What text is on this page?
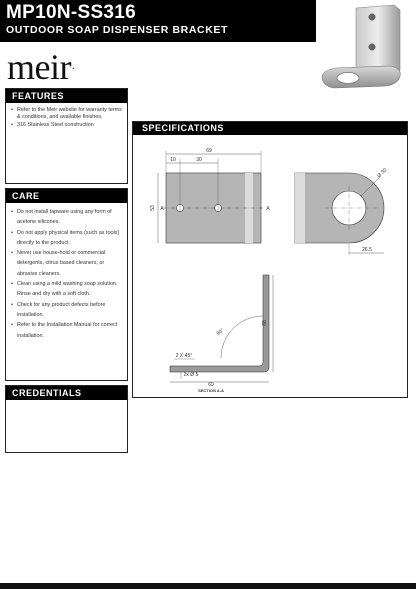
MP10N-SS316
OUTDOOR SOAP DISPENSER BRACKET
meir.
FEATURES
• Refer to the Meir website for warranty terms & conditions, and available finishes.
• 316 Stainless Steel construction
CARE
• Do not install tapware using any form of acetone silicones.
• Do not apply physical items (such as tools) directly to the product.
• Never use house-hold or commercial detergents, citrus based cleaners, or abrasive cleaners.
• Clean using a mild washing soap solution. Rinse and dry with a soft cloth.
• Check for any product defects before installation.
• Refer to the Installation Manual for correct installation.
CREDENTIALS
SPECIFICATIONS
69
10	30
53 A	A
Ø 30
26.5
90°
68
2 X 45°
2x Ø 5
69
SECTION A-A
